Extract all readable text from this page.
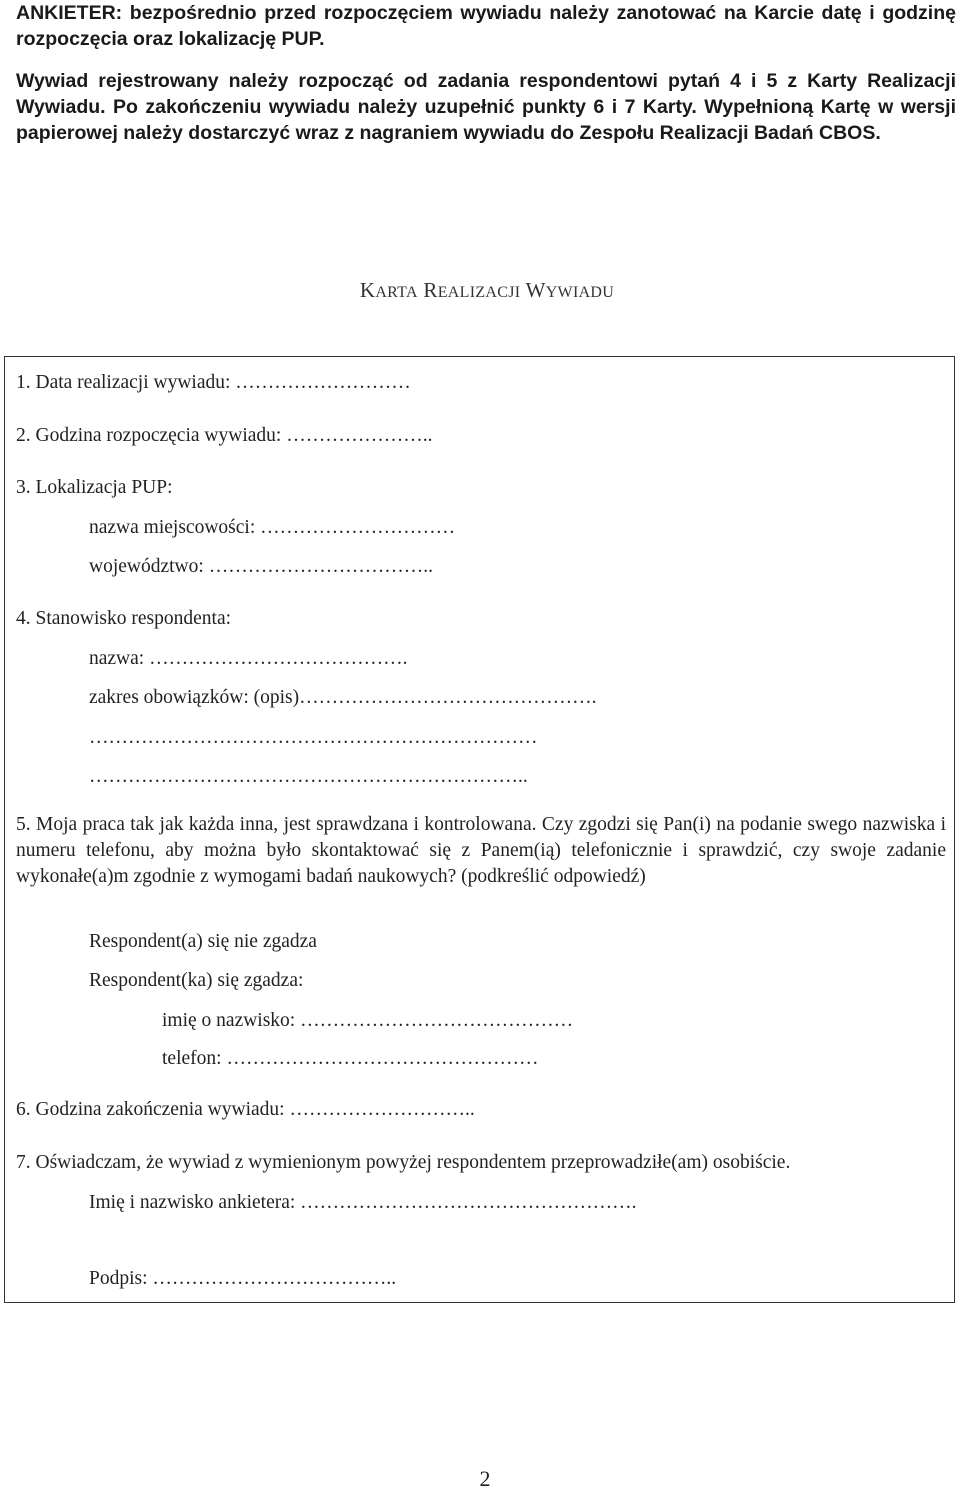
ANKIETER: bezpośrednio przed rozpoczęciem wywiadu należy zanotować na Karcie datę i godzinę rozpoczęcia oraz lokalizację PUP.

Wywiad rejestrowany należy rozpocząć od zadania respondentowi pytań 4 i 5 z Karty Realizacji Wywiadu. Po zakończeniu wywiadu należy uzupełnić punkty 6 i 7 Karty. Wypełnioną Kartę w wersji papierowej należy dostarczyć wraz z nagraniem wywiadu do Zespołu Realizacji Badań CBOS.

KARTA REALIZACJI WYWIADU
1. Data realizacji wywiadu: ………………………
2. Godzina rozpoczęcia wywiadu: …………………..
3. Lokalizacja PUP:
nazwa miejscowości: …………………………
województwo: ……………………………..
4. Stanowisko respondenta:
nazwa: ………………………………….
zakres obowiązków: (opis)……………………………………….
……………………………………………………………
…………………………………………………………..

5. Moja praca tak jak każda inna, jest sprawdzana i kontrolowana. Czy zgodzi się Pan(i) na podanie swego nazwiska i numeru telefonu, aby można było skontaktować się z Panem(ią) telefonicznie i sprawdzić, czy swoje zadanie wykonałe(a)m zgodnie z wymogami badań naukowych? (podkreślić odpowiedź)

Respondent(a) się nie zgadza
Respondent(ka) się zgadza:
imię o nazwisko: ……………………………………
telefon: …………………………………………
6. Godzina zakończenia wywiadu: ………………………..
7. Oświadczam, że wywiad z wymienionym powyżej respondentem przeprowadziłe(am) osobiście.
Imię i nazwisko ankietera: …………………………………………….
Podpis: ………………………………..
2
